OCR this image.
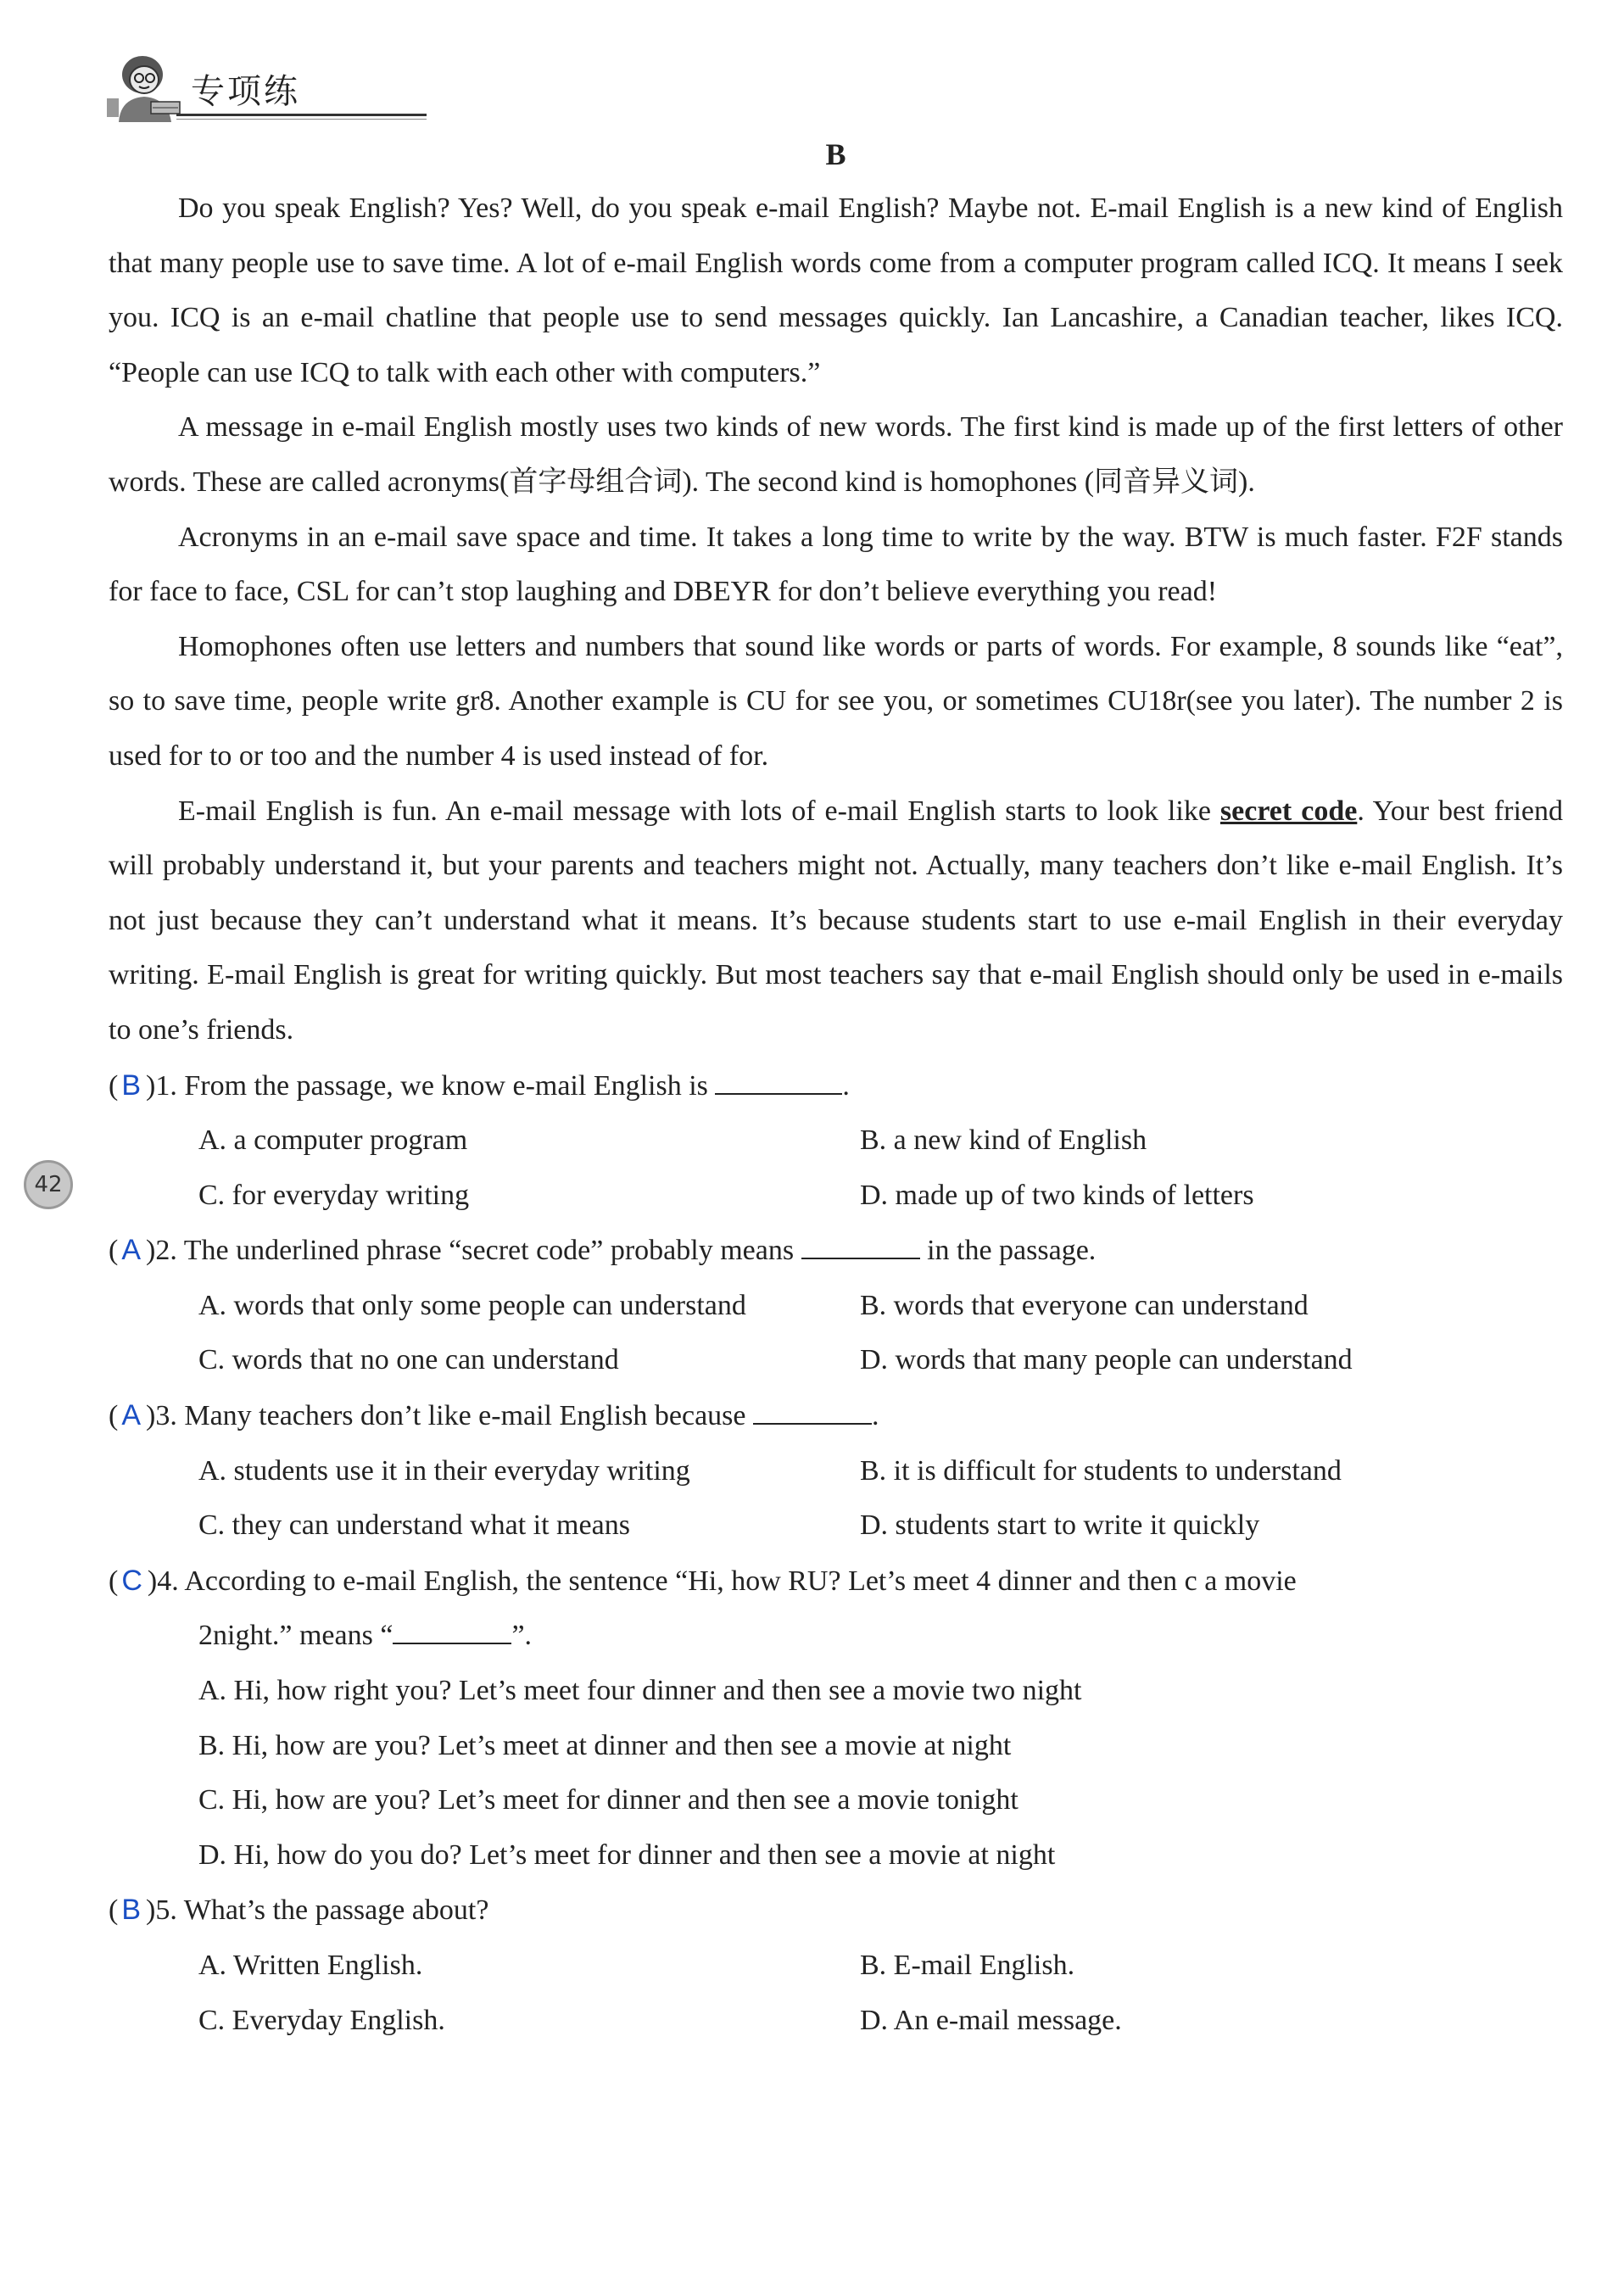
专项练
42
B

Do you speak English? Yes? Well, do you speak e-mail English? Maybe not. E-mail English is a new kind of English that many people use to save time. A lot of e-mail English words come from a computer program called ICQ. It means I seek you. ICQ is an e-mail chatline that people use to send messages quickly. Ian Lancashire, a Canadian teacher, likes ICQ. “People can use ICQ to talk with each other with computers.”

A message in e-mail English mostly uses two kinds of new words. The first kind is made up of the first letters of other words. These are called acronyms(首字母组合词). The second kind is homophones (同音异义词).

Acronyms in an e-mail save space and time. It takes a long time to write by the way. BTW is much faster. F2F stands for face to face, CSL for can’t stop laughing and DBEYR for don’t believe everything you read!

Homophones often use letters and numbers that sound like words or parts of words. For example, 8 sounds like “eat”, so to save time, people write gr8. Another example is CU for see you, or sometimes CU18r(see you later). The number 2 is used for to or too and the number 4 is used instead of for.

E-mail English is fun. An e-mail message with lots of e-mail English starts to look like secret code. Your best friend will probably understand it, but your parents and teachers might not. Actually, many teachers don’t like e-mail English. It’s not just because they can’t understand what it means. It’s because students start to use e-mail English in their everyday writing. E-mail English is great for writing quickly. But most teachers say that e-mail English should only be used in e-mails to one’s friends.

( B )1. From the passage, we know e-mail English is	.
A. a computer program	B. a new kind of English
C. for everyday writing	D. made up of two kinds of letters
( A )2. The underlined phrase “secret code” probably means	in the passage.
A. words that only some people can understand	B. words that everyone can understand
C. words that no one can understand	D. words that many people can understand
( A )3. Many teachers don’t like e-mail English because	.
A. students use it in their everyday writing	B. it is difficult for students to understand
C. they can understand what it means	D. students start to write it quickly
( C )4. According to e-mail English, the sentence “Hi, how RU? Let’s meet 4 dinner and then c a movie
2night.” means “	”.
A. Hi, how right you? Let’s meet four dinner and then see a movie two night
B. Hi, how are you? Let’s meet at dinner and then see a movie at night
C. Hi, how are you? Let’s meet for dinner and then see a movie tonight
D. Hi, how do you do? Let’s meet for dinner and then see a movie at night
( B )5. What’s the passage about?
A. Written English.	B. E-mail English.
C. Everyday English.	D. An e-mail message.
